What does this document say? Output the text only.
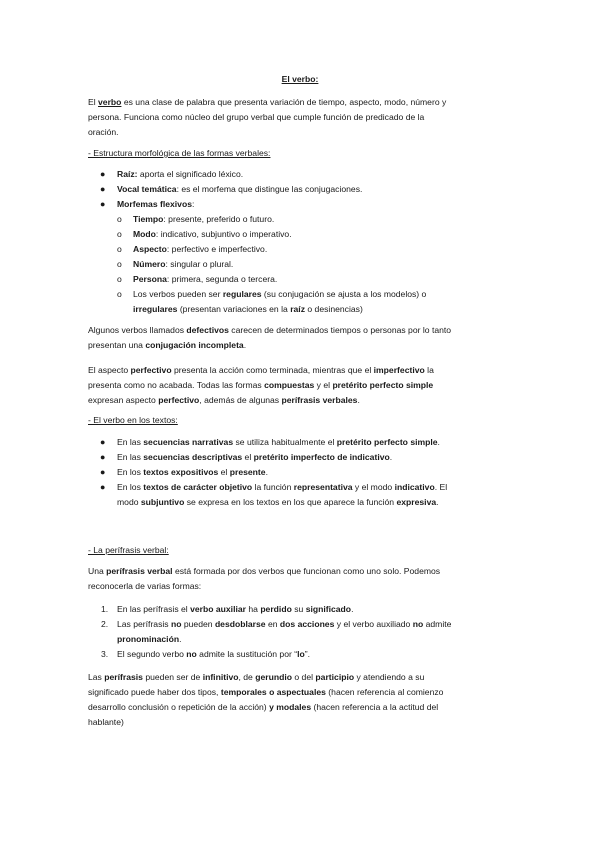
El verbo:
El verbo es una clase de palabra que presenta variación de tiempo, aspecto, modo, número y
persona. Funciona como núcleo del grupo verbal que cumple función de predicado de la
oración.
- Estructura morfológica de las formas verbales:
● Raíz: aporta el significado léxico.
● Vocal temática: es el morfema que distingue las conjugaciones.
● Morfemas flexivos:
o Tiempo: presente, preferido o futuro.
o Modo: indicativo, subjuntivo o imperativo.
o Aspecto: perfectivo e imperfectivo.
o Número: singular o plural.
o Persona: primera, segunda o tercera.
o Los verbos pueden ser regulares (su conjugación se ajusta a los modelos) o
irregulares (presentan variaciones en la raíz o desinencias)
Algunos verbos llamados defectivos carecen de determinados tiempos o personas por lo tanto
presentan una conjugación incompleta.
El aspecto perfectivo presenta la acción como terminada, mientras que el imperfectivo la
presenta como no acabada. Todas las formas compuestas y el pretérito perfecto simple
expresan aspecto perfectivo, además de algunas perífrasis verbales.
- El verbo en los textos:
● En las secuencias narrativas se utiliza habitualmente el pretérito perfecto simple.
● En las secuencias descriptivas el pretérito imperfecto de indicativo.
● En los textos expositivos el presente.
● En los textos de carácter objetivo la función representativa y el modo indicativo. El
modo subjuntivo se expresa en los textos en los que aparece la función expresiva.
- La perífrasis verbal:
Una perífrasis verbal está formada por dos verbos que funcionan como uno solo. Podemos
reconocerla de varias formas:
1. En las perífrasis el verbo auxiliar ha perdido su significado.
2. Las perífrasis no pueden desdoblarse en dos acciones y el verbo auxiliado no admite
pronominación.
3. El segundo verbo no admite la sustitución por “lo”.
Las perífrasis pueden ser de infinitivo, de gerundio o del participio y atendiendo a su
significado puede haber dos tipos, temporales o aspectuales (hacen referencia al comienzo
desarrollo conclusión o repetición de la acción) y modales (hacen referencia a la actitud del
hablante)
